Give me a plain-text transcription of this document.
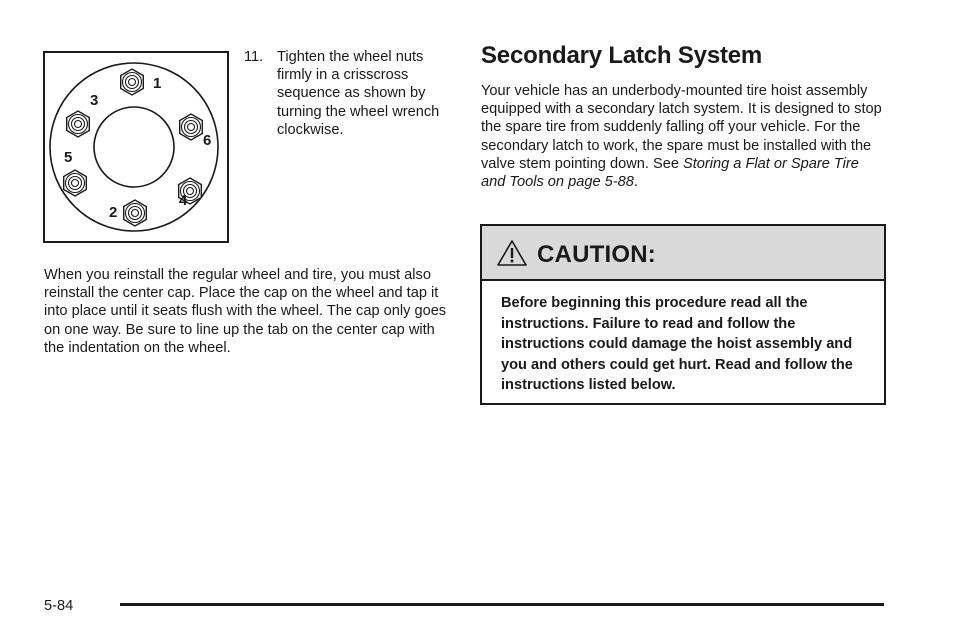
1
2
3
4
5
6
11. Tighten the wheel nuts firmly in a crisscross sequence as shown by turning the wheel wrench clockwise.

When you reinstall the regular wheel and tire, you must also reinstall the center cap. Place the cap on the wheel and tap it into place until it seats flush with the wheel. The cap only goes on one way. Be sure to line up the tab on the center cap with the indentation on the wheel.

Secondary Latch System

Your vehicle has an underbody-mounted tire hoist assembly equipped with a secondary latch system. It is designed to stop the spare tire from suddenly falling off your vehicle. For the secondary latch to work, the spare must be installed with the valve stem pointing down. See Storing a Flat or Spare Tire and Tools on page 5-88.

CAUTION:
Before beginning this procedure read all the instructions. Failure to read and follow the instructions could damage the hoist assembly and you and others could get hurt. Read and follow the instructions listed below.
5-84
